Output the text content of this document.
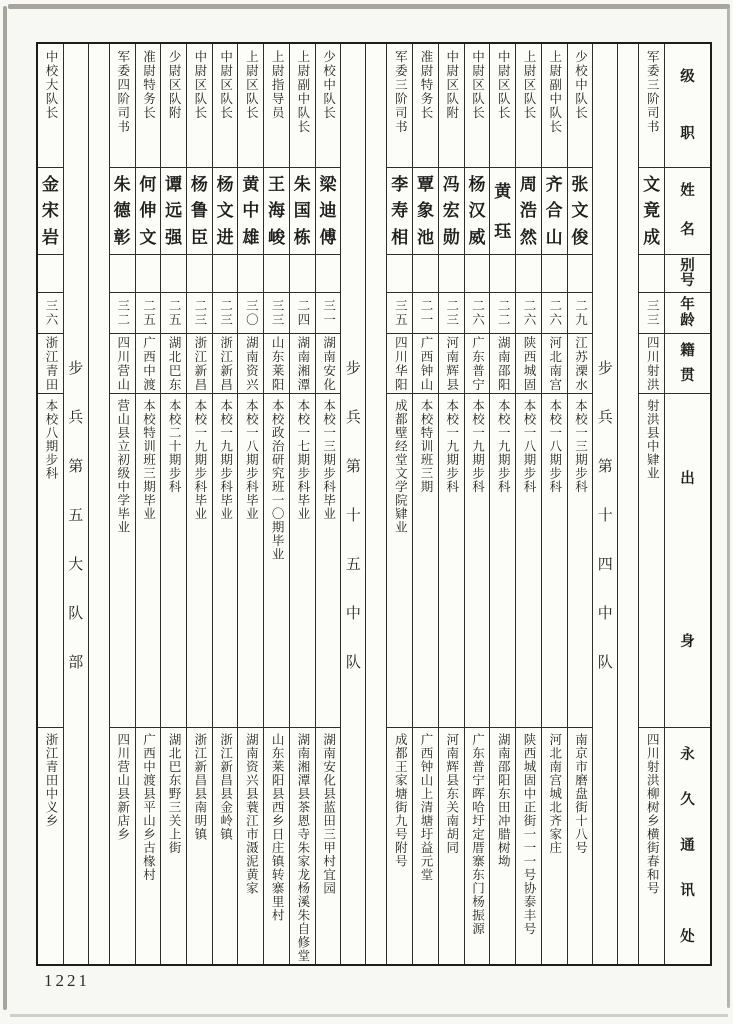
级
职
姓
名
别
号
年
龄
籍
贯
出
身
永
久
通
讯
处
军委三阶司书
文
竟
成
三三
四川射洪
射洪县中肄业
四川射洪柳树乡横街春和号
步
兵
第
十
四
中
队
少校中队长
张
文
俊
二九
江苏溧水
本校一三期步科
南京市磨盘街十八号
上尉副中队长
齐
合
山
二六
河北南宫
本校一八期步科
河北南宫城北齐家庄
上尉区队长
周
浩
然
二六
陕西城固
本校一八期步科
陕西城固中正街一一一号协泰丰号
中尉区队长
黄
珏
二二
湖南邵阳
本校一九期步科
湖南邵阳东田冲腊树坳
中尉区队长
杨
汉
威
二六
广东普宁
本校一九期步科
广东普宁晖哈圩定厝寨东门杨振源
中尉区队附
冯
宏
勋
二三
河南辉县
本校一九期步科
河南辉县东关南胡同
准尉特务长
覃
象
池
二一
广西钟山
本校特训班三期
广西钟山上清塘圩益元堂
军委三阶司书
李
寿
相
三五
四川华阳
成都壁经堂文学院肄业
成都王家塘街九号附号
步
兵
第
十
五
中
队
少校中队长
梁
迪
傅
三一
湖南安化
本校一三期步科毕业
湖南安化县蓝田三甲村宜园
上尉副中队长
朱
国
栋
二四
湖南湘潭
本校一七期步科毕业
湖南湘潭县茶恩寺朱家龙杨溪朱自修堂
上尉指导员
王
海
峻
三三
山东莱阳
本校政治研究班一〇期毕业
山东莱阳县西乡日庄镇转寨里村
上尉区队长
黄
中
雄
三〇
湖南资兴
本校一八期步科毕业
湖南资兴县蓑江市滠泥黄家
中尉区队长
杨
文
进
二三
浙江新昌
本校一九期步科毕业
浙江新昌县金岭镇
中尉区队长
杨
鲁
臣
二三
浙江新昌
本校一九期步科毕业
浙江新昌县南明镇
少尉区队附
谭
远
强
二五
湖北巴东
本校二十期步科
湖北巴东野三关上街
准尉特务长
何
伸
文
二五
广西中渡
本校特训班三期毕业
广西中渡县平山乡古椽村
军委四阶司书
朱
德
彰
三二
四川营山
营山县立初级中学毕业
四川营山县新店乡
步
兵
第
五
大
队
部
中校大队长
金
宋
岩
三六
浙江青田
本校八期步科
浙江青田中义乡
1221
